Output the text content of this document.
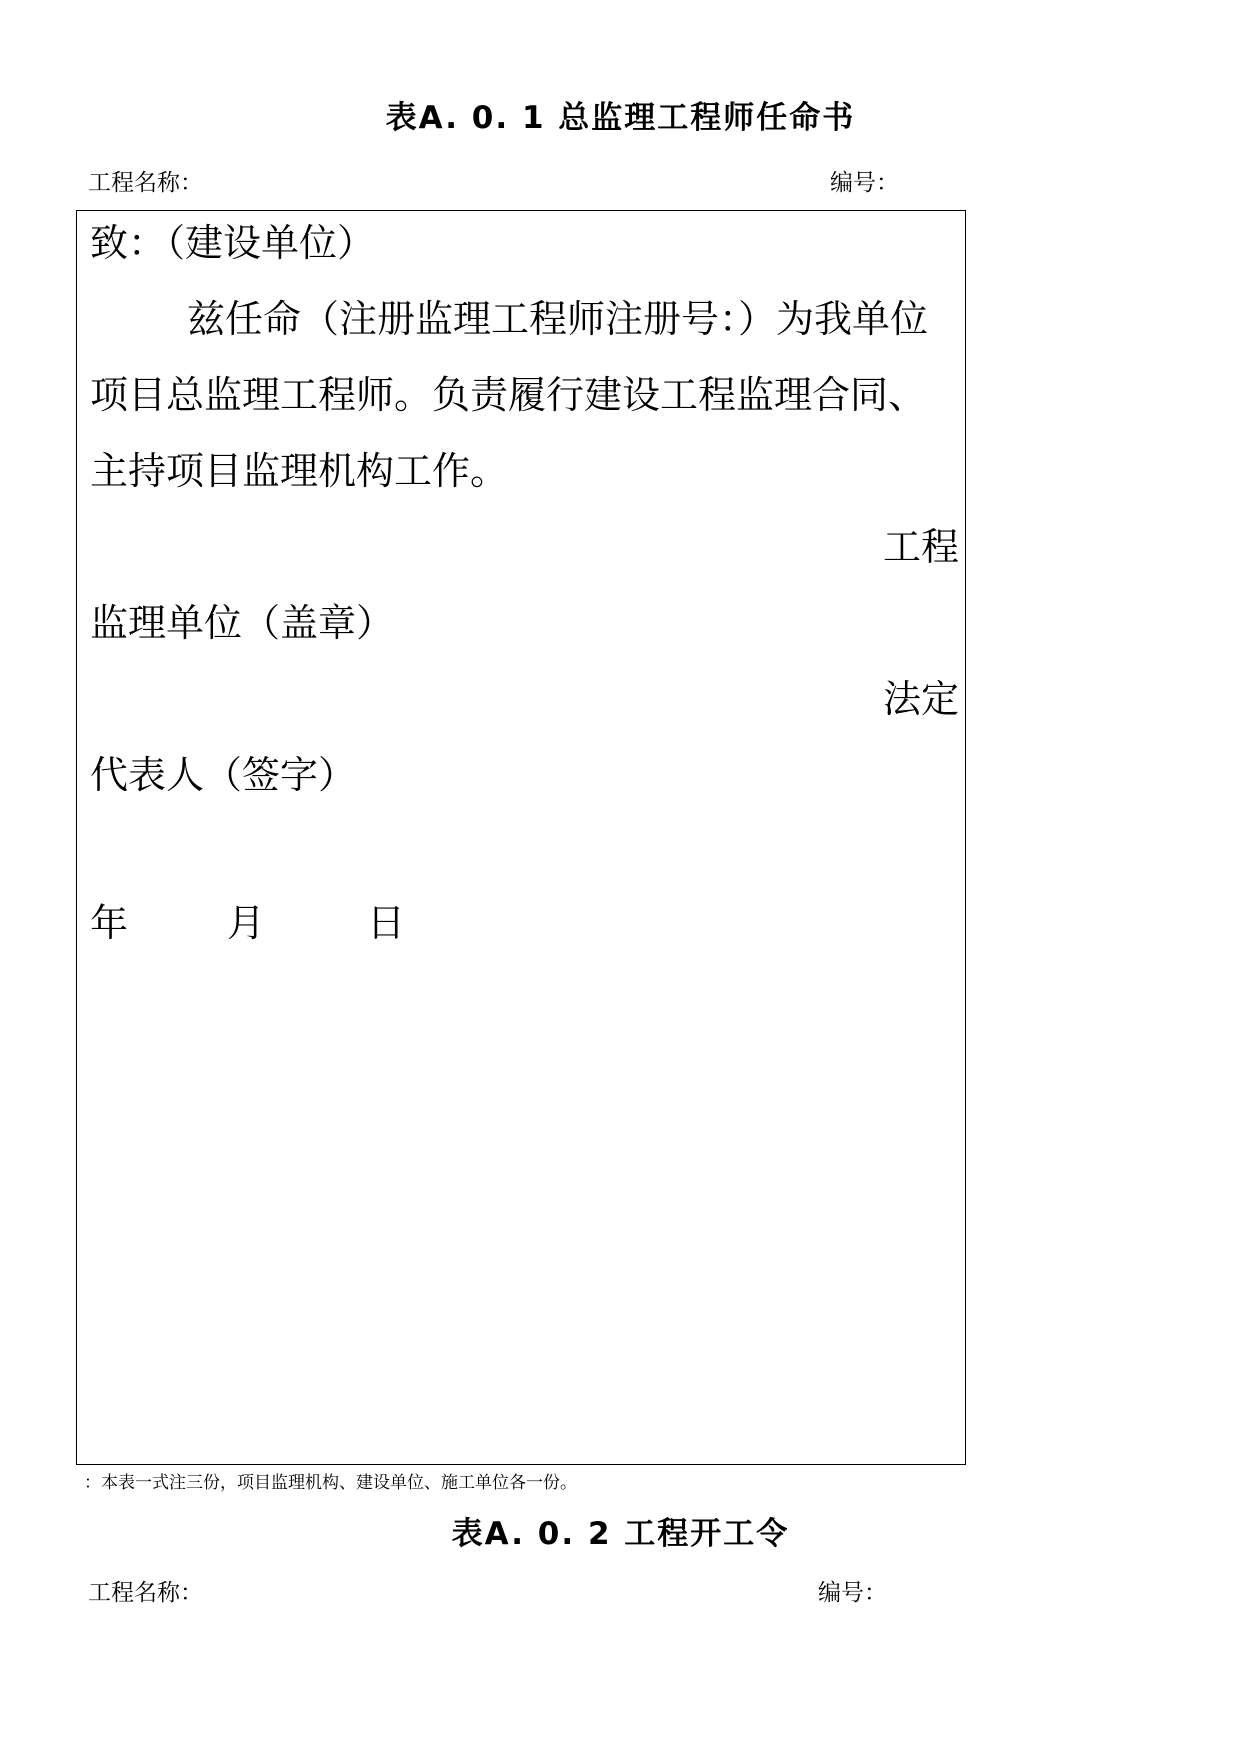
表A. 0. 1 总监理工程师任命书
工程名称：	编号：
致：（建设单位）
兹任命（注册监理工程师注册号：）为我单位
项目总监理工程师。负责履行建设工程监理合同、
主持项目监理机构工作。
工程
监理单位（盖章）
法定
代表人（签字）
年	月	日
：本表一式注三份，项目监理机构、建设单位、施工单位各一份。
表A. 0. 2 工程开工令
工程名称：	编号：
